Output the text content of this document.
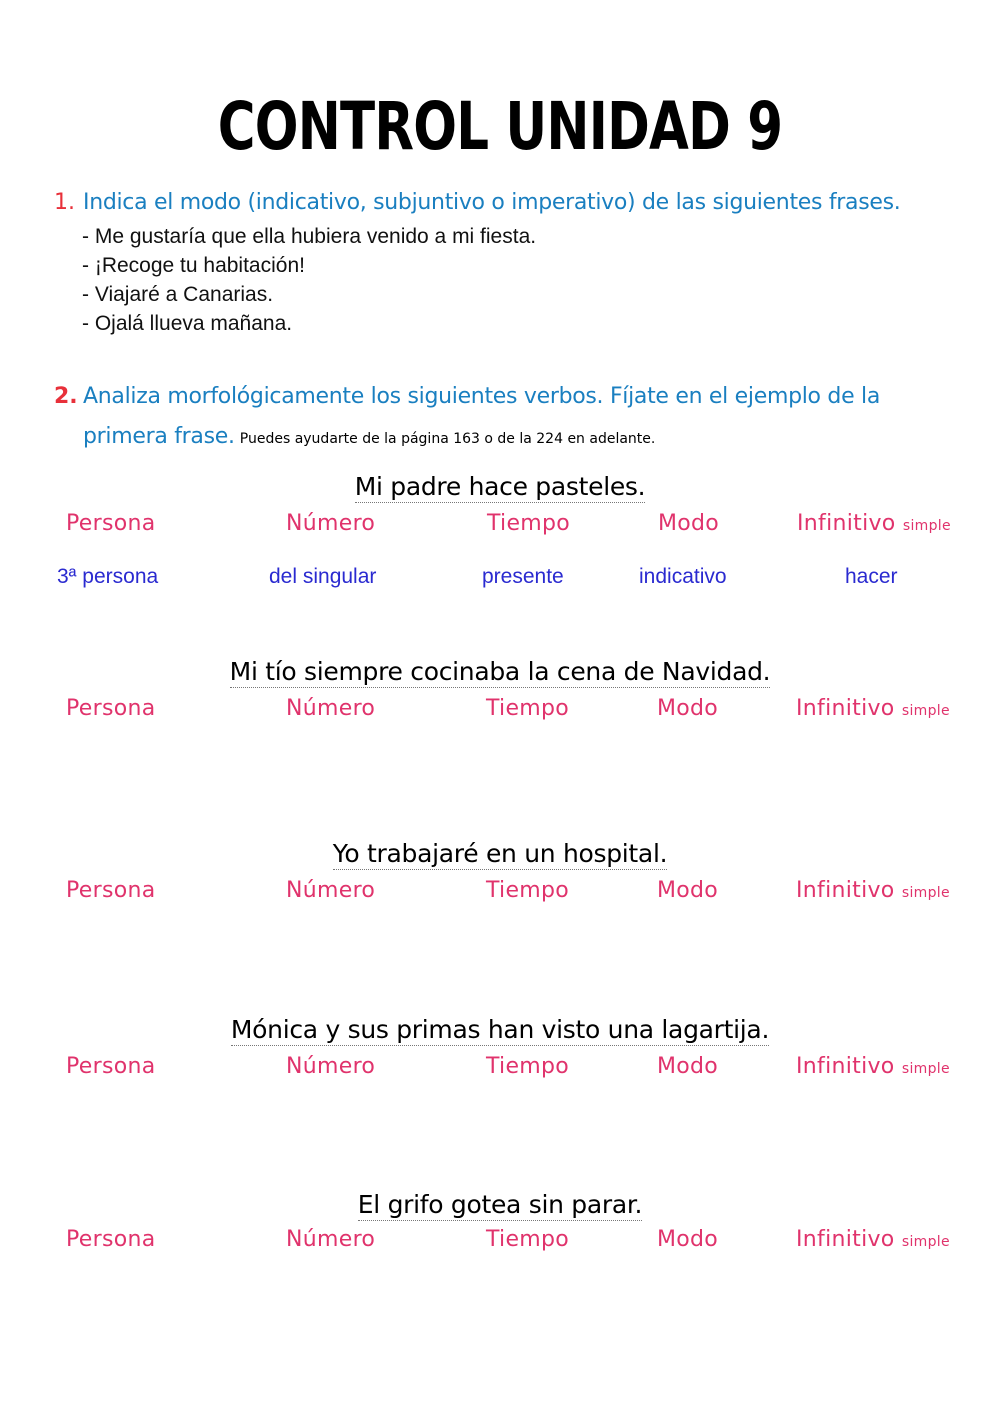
CONTROL UNIDAD 9
1. Indica el modo (indicativo, subjuntivo o imperativo) de las siguientes frases.
- Me gustaría que ella hubiera venido a mi fiesta.
- ¡Recoge tu habitación!
- Viajaré a Canarias.
- Ojalá llueva mañana.
2. Analiza morfológicamente los siguientes verbos. Fíjate en el ejemplo de la
primera frase. Puedes ayudarte de la página 163 o de la 224 en adelante.
Mi padre hace pasteles.
Persona	Número	Tiempo	Modo	Infinitivo simple
3ª persona	del singular	presente	indicativo	hacer
Mi tío siempre cocinaba la cena de Navidad.
Persona	Número	Tiempo	Modo	Infinitivo simple
Yo trabajaré en un hospital.
Persona	Número	Tiempo	Modo	Infinitivo simple
Mónica y sus primas han visto una lagartija.
Persona	Número	Tiempo	Modo	Infinitivo simple
El grifo gotea sin parar.
Persona	Número	Tiempo	Modo	Infinitivo simple
